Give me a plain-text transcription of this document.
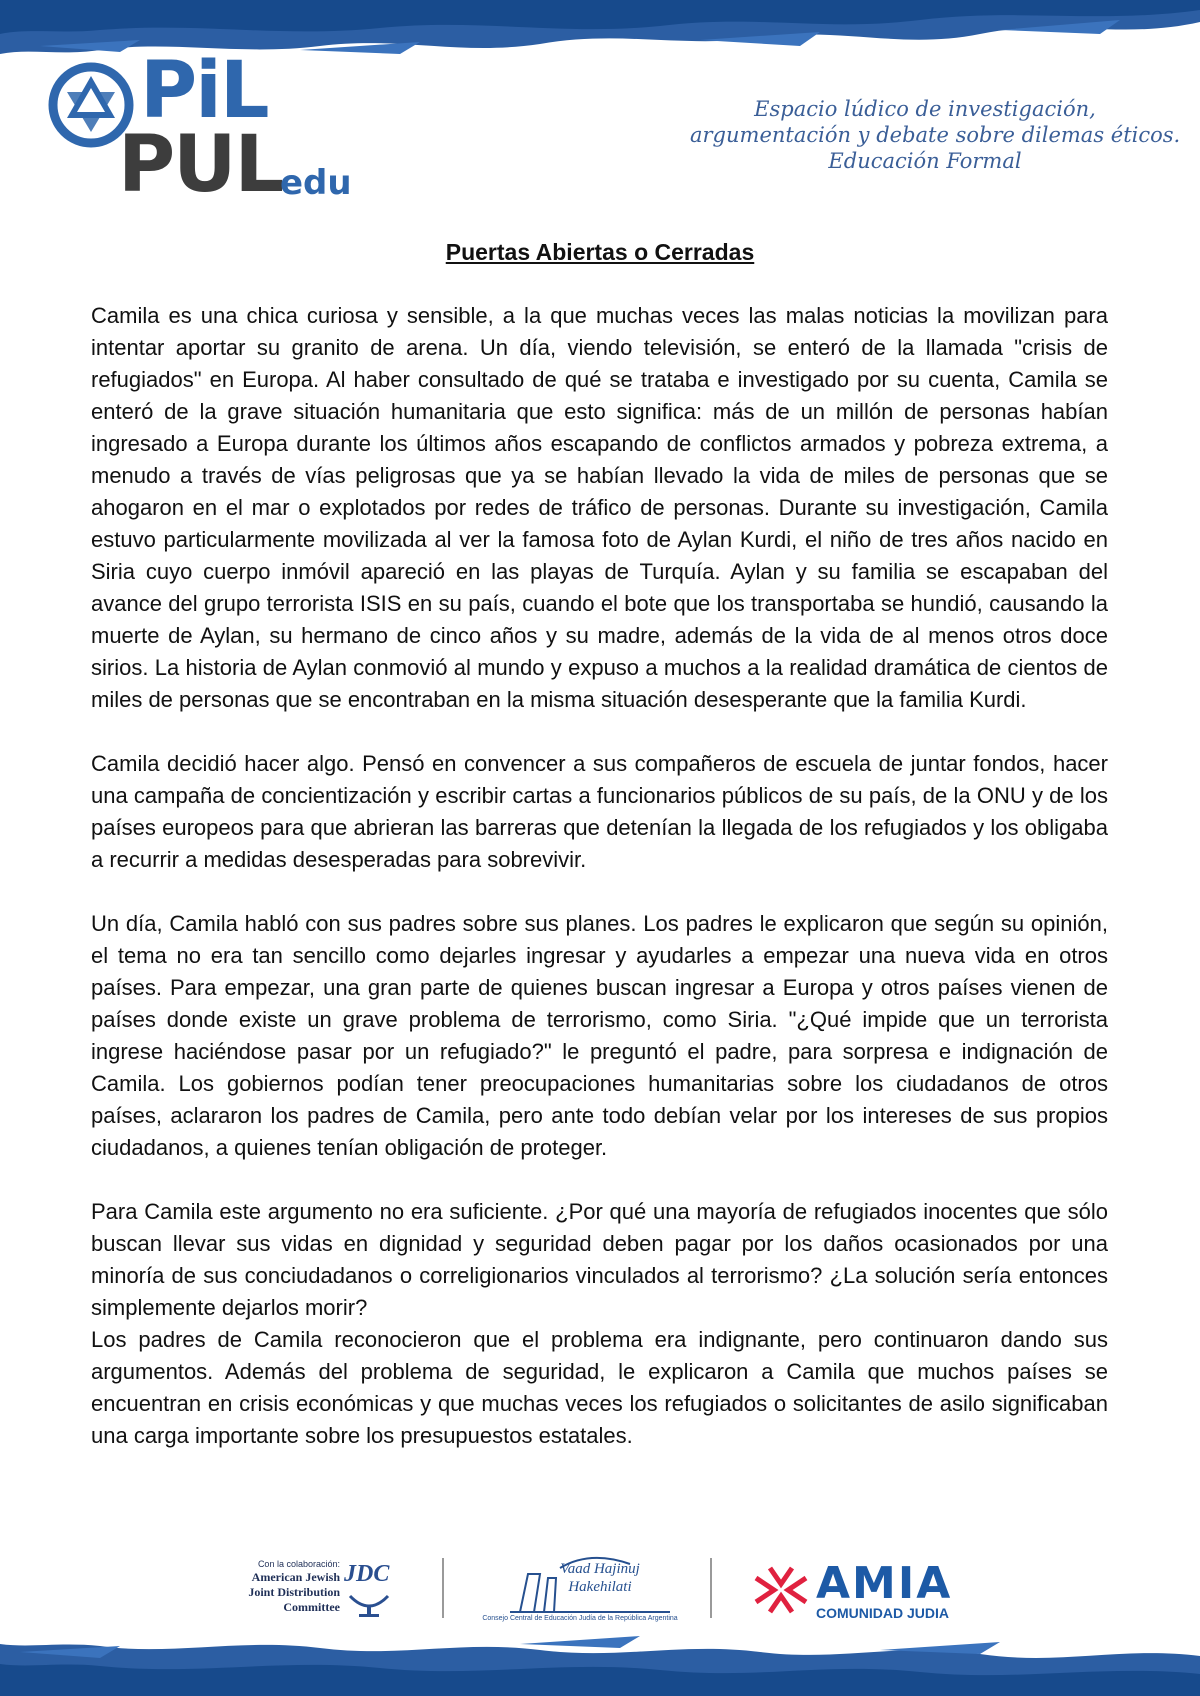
PiL
PUL
edu
Espacio lúdico de investigación,
argumentación y debate sobre dilemas éticos.
Educación Formal
Puertas Abiertas o Cerradas

Camila es una chica curiosa y sensible, a la que muchas veces las malas noticias la movilizan para intentar aportar su granito de arena. Un día, viendo televisión, se enteró de la llamada "crisis de refugiados" en Europa. Al haber consultado de qué se trataba e investigado por su cuenta, Camila se enteró de la grave situación humanitaria que esto significa: más de un millón de personas habían ingresado a Europa durante los últimos años escapando de conflictos armados y pobreza extrema, a menudo a través de vías peligrosas que ya se habían llevado la vida de miles de personas que se ahogaron en el mar o explotados por redes de tráfico de personas. Durante su investigación, Camila estuvo particularmente movilizada al ver la famosa foto de Aylan Kurdi, el niño de tres años nacido en Siria cuyo cuerpo inmóvil apareció en las playas de Turquía. Aylan y su familia se escapaban del avance del grupo terrorista ISIS en su país, cuando el bote que los transportaba se hundió, causando la muerte de Aylan, su hermano de cinco años y su madre, además de la vida de al menos otros doce sirios. La historia de Aylan conmovió al mundo y expuso a muchos a la realidad dramática de cientos de miles de personas que se encontraban en la misma situación desesperante que la familia Kurdi.

Camila decidió hacer algo. Pensó en convencer a sus compañeros de escuela de juntar fondos, hacer una campaña de concientización y escribir cartas a funcionarios públicos de su país, de la ONU y de los países europeos para que abrieran las barreras que detenían la llegada de los refugiados y los obligaba a recurrir a medidas desesperadas para sobrevivir.

Un día, Camila habló con sus padres sobre sus planes. Los padres le explicaron que según su opinión, el tema no era tan sencillo como dejarles ingresar y ayudarles a empezar una nueva vida en otros países. Para empezar, una gran parte de quienes buscan ingresar a Europa y otros países vienen de países donde existe un grave problema de terrorismo, como Siria. "¿Qué impide que un terrorista ingrese haciéndose pasar por un refugiado?" le preguntó el padre, para sorpresa e indignación de Camila. Los gobiernos podían tener preocupaciones humanitarias sobre los ciudadanos de otros países, aclararon los padres de Camila, pero ante todo debían velar por los intereses de sus propios ciudadanos, a quienes tenían obligación de proteger.

Para Camila este argumento no era suficiente. ¿Por qué una mayoría de refugiados inocentes que sólo buscan llevar sus vidas en dignidad y seguridad deben pagar por los daños ocasionados por una minoría de sus conciudadanos o correligionarios vinculados al terrorismo? ¿La solución sería entonces simplemente dejarlos morir?

Los padres de Camila reconocieron que el problema era indignante, pero continuaron dando sus argumentos. Además del problema de seguridad, le explicaron a Camila que muchos países se encuentran en crisis económicas y que muchas veces los refugiados o solicitantes de asilo significaban una carga importante sobre los presupuestos estatales.

Con la colaboración:
American Jewish
Joint Distribution
Committee
JDC	Vaad Hajinuj
Hakehilati
Consejo Central de Educación Judía de la República Argentina
AMIA
COMUNIDAD JUDIA
